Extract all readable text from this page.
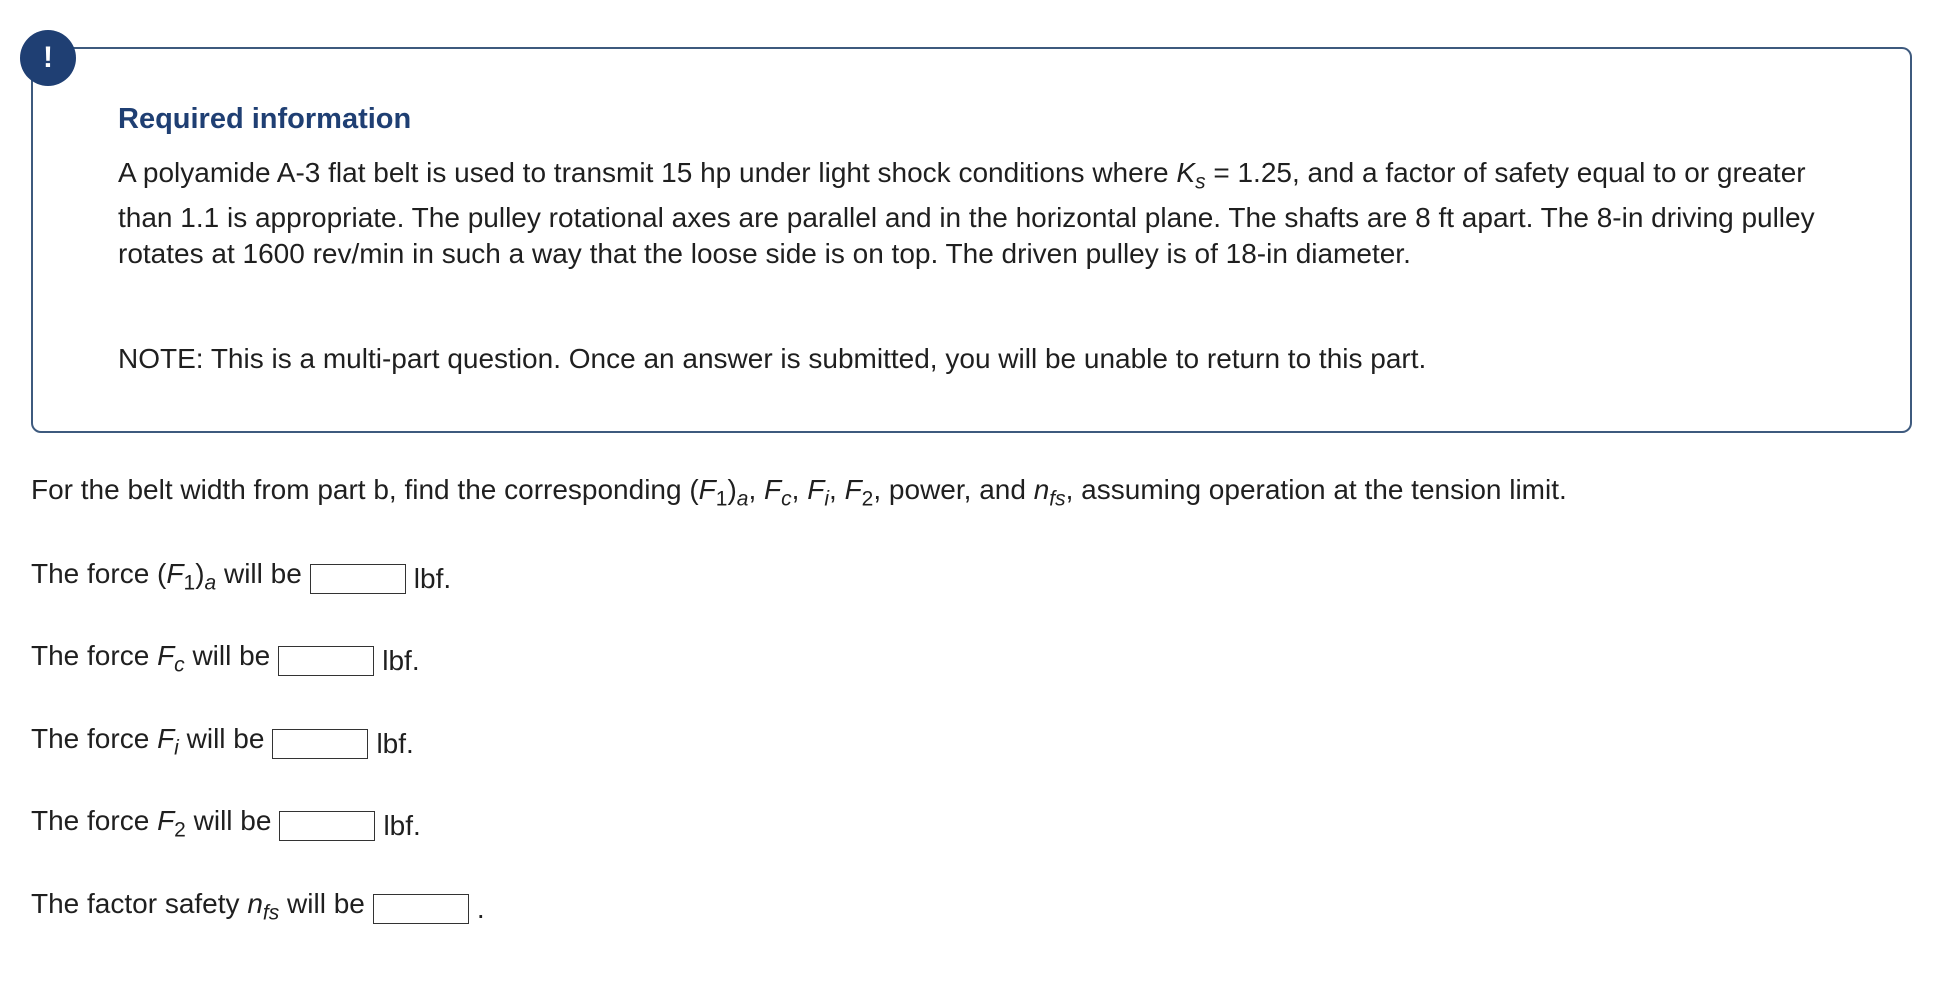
!
Required information

A polyamide A-3 flat belt is used to transmit 15 hp under light shock conditions where $K_s = 1.25$, and a factor of safety equal to or greater than 1.1 is appropriate. The pulley rotational axes are parallel and in the horizontal plane. The shafts are 8 ft apart. The 8-in driving pulley rotates at 1600 rev/min in such a way that the loose side is on top. The driven pulley is of 18-in diameter.

NOTE: This is a multi-part question. Once an answer is submitted, you will be unable to return to this part.

For the belt width from part b, find the corresponding $(F_1)_a$, $F_c$, $F_i$, $F_2$, power, and $n_{fs}$, assuming operation at the tension limit.

The force $(F_1)_a$ will be	lbf.
The force $F_c$ will be	lbf.
The force $F_i$ will be	lbf.
The force $F_2$ will be	lbf.
The factor safety $n_{fs}$ will be	.
